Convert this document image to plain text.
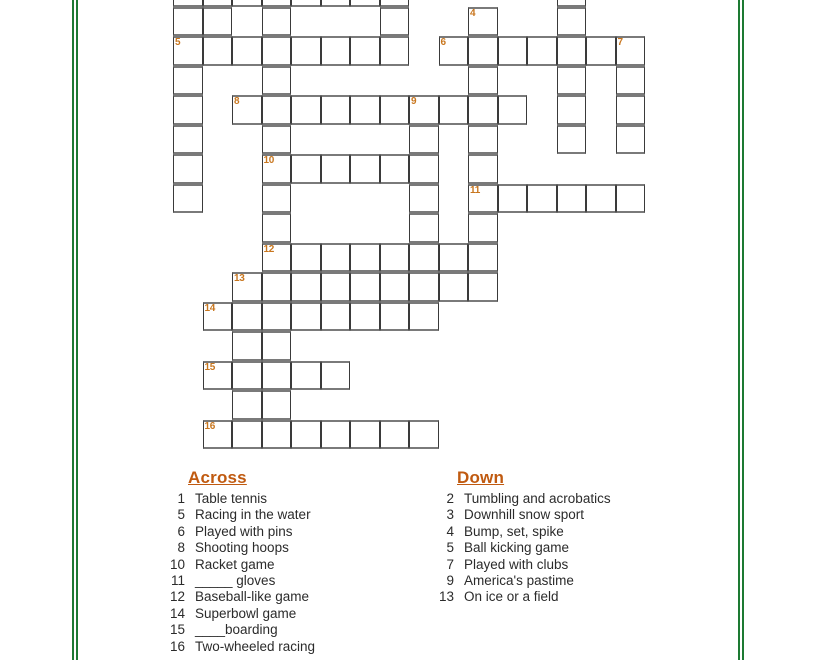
4
5	6	7
8	9
10
11
12
13
14
15
16
Across
1 Table tennis
5 Racing in the water
6 Played with pins
8 Shooting hoops
10 Racket game
11 _____ gloves
12 Baseball-like game
14 Superbowl game
15 ____boarding
16 Two-wheeled racing
Down
2 Tumbling and acrobatics
3 Downhill snow sport
4 Bump, set, spike
5 Ball kicking game
7 Played with clubs
9 America's pastime
13 On ice or a field
